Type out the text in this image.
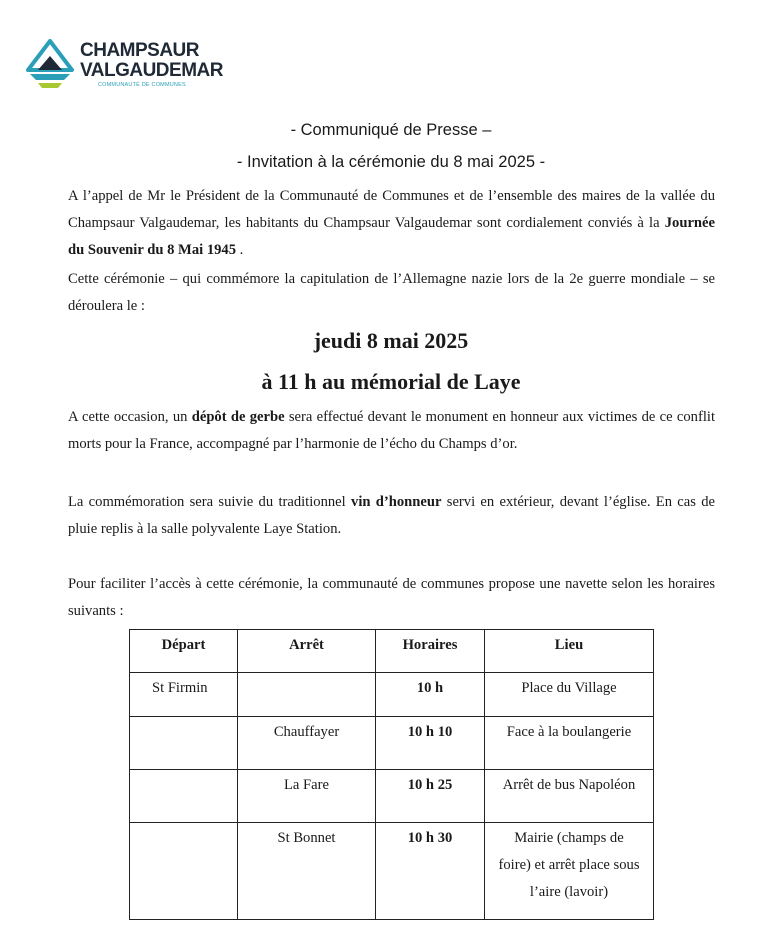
CHAMPSAUR
VALGAUDEMAR
COMMUNAUTÉ DE COMMUNES
- Communiqué de Presse –
- Invitation à la cérémonie du 8 mai 2025 -
A l’appel de Mr le Président de la Communauté de Communes et de l’ensemble des maires de la vallée du Champsaur Valgaudemar, les habitants du Champsaur Valgaudemar sont cordialement conviés à la Journée du Souvenir du 8 Mai 1945 .
Cette cérémonie – qui commémore la capitulation de l’Allemagne nazie lors de la 2e guerre mondiale – se déroulera le :
jeudi 8 mai 2025
à 11 h au mémorial de Laye
A cette occasion, un dépôt de gerbe sera effectué devant le monument en honneur aux victimes de ce conflit morts pour la France, accompagné par l’harmonie de l’écho du Champs d’or.
La commémoration sera suivie du traditionnel vin d’honneur servi en extérieur, devant l’église. En cas de pluie replis à la salle polyvalente Laye Station.
Pour faciliter l’accès à cette cérémonie, la communauté de communes propose une navette selon les horaires suivants :
Départ	Arrêt	Horaires	Lieu
St Firmin		10 h	Place du Village
	Chauffayer	10 h 10	Face à la boulangerie
	La Fare	10 h 25	Arrêt de bus Napoléon
	St Bonnet	10 h 30	Mairie (champs de foire) et arrêt place sous l’aire (lavoir)
